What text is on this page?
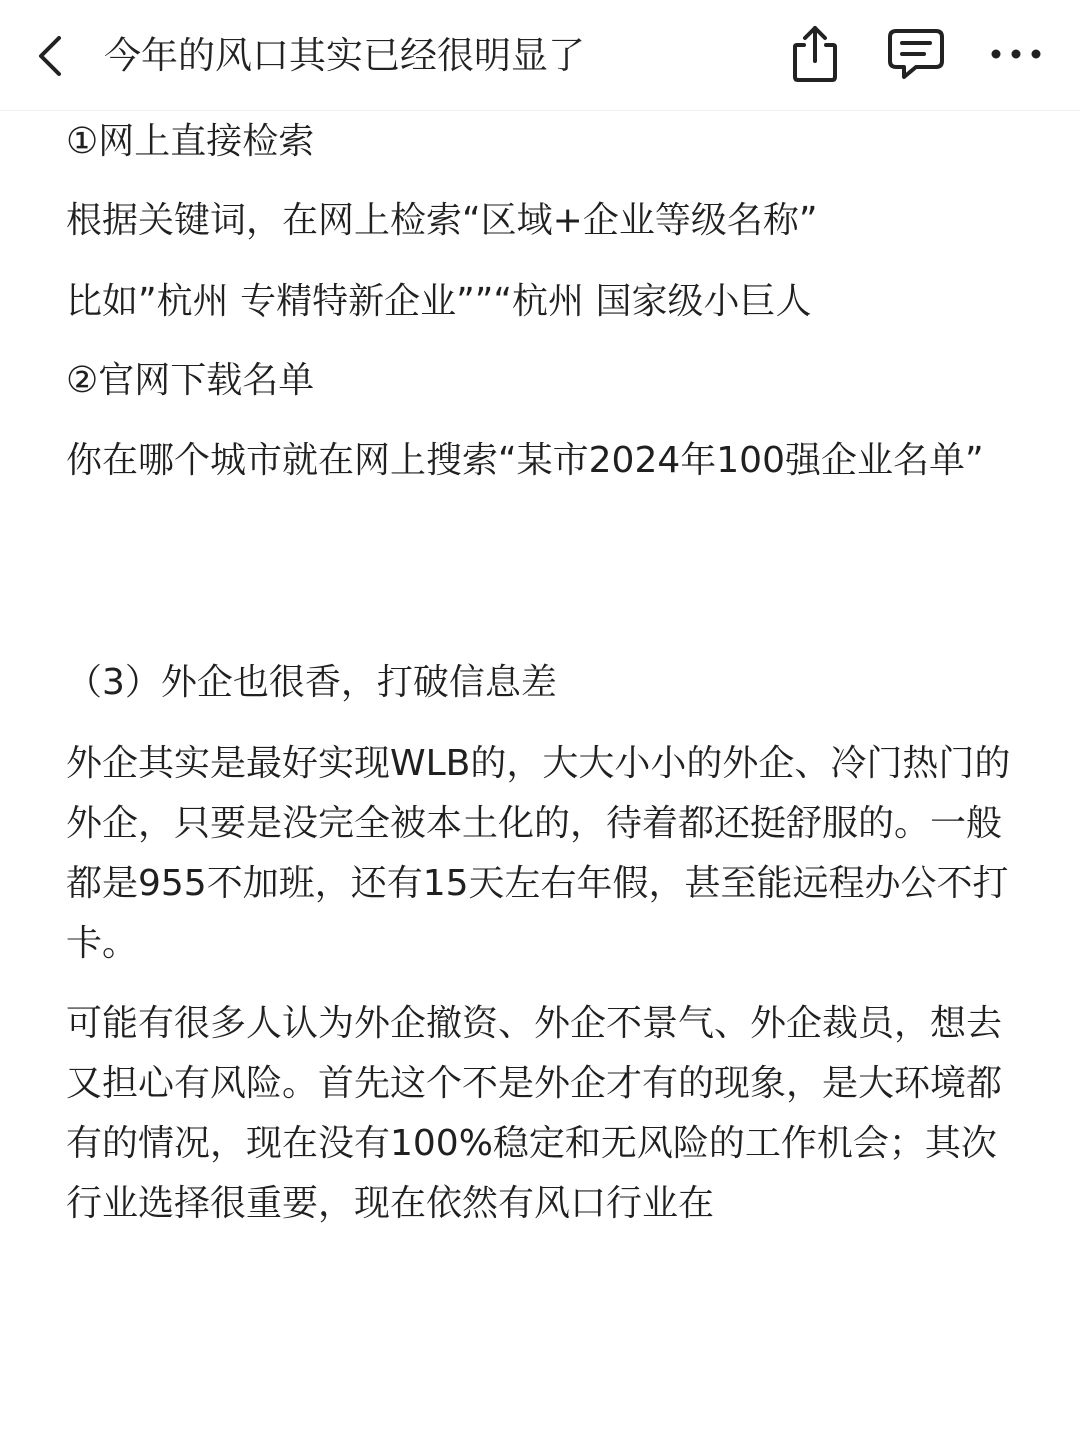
今年的风口其实已经很明显了

①网上直接检索

根据关键词，在网上检索“区域+企业等级名称”

比如”杭州 专精特新企业””“杭州 国家级小巨人

②官网下载名单

你在哪个城市就在网上搜索“某市2024年100强企业名单”

（3）外企也很香，打破信息差

外企其实是最好实现WLB的，大大小小的外企、冷门热门的外企，只要是没完全被本土化的，待着都还挺舒服的。一般都是955不加班，还有15天左右年假，甚至能远程办公不打卡。

可能有很多人认为外企撤资、外企不景气、外企裁员，想去又担心有风险。首先这个不是外企才有的现象，是大环境都有的情况，现在没有100%稳定和无风险的工作机会；其次行业选择很重要，现在依然有风口行业在
